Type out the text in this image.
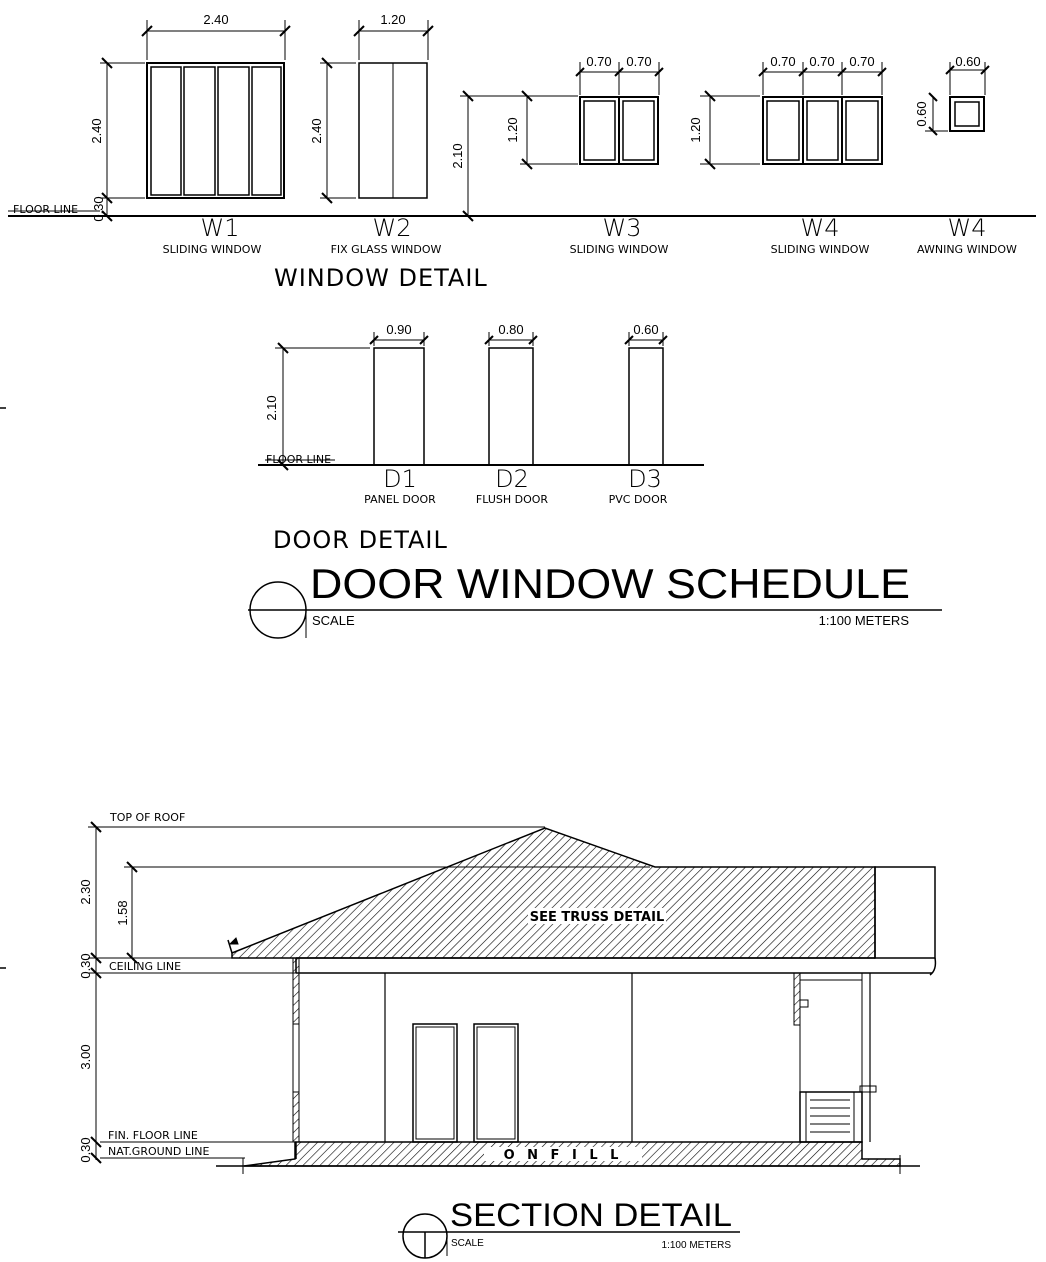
FLOOR LINE 0.30
2.40
2.40
W1
SLIDING WINDOW
1.20
2.40
W2
FIX GLASS WINDOW
2.10
0.70 0.70
1.20
W3
SLIDING WINDOW
0.70 0.70 0.70
1.20
W4
SLIDING WINDOW
0.60
0.60
W4
AWNING WINDOW
WINDOW DETAIL
FLOOR LINE
2.10
0.90	0.80	0.60
D1	D2	D3
PANEL DOOR	FLUSH DOOR	PVC DOOR
DOOR DETAIL
DOOR WINDOW SCHEDULE
SCALE	1:100 METERS
TOP OF ROOF
CEILING LINE
FIN. FLOOR LINE
NAT.GROUND LINE
2.30
1.58
0.30
3.00
0.30
SEE TRUSS DETAIL
O N F I L L
SECTION DETAIL
SCALE	1:100 METERS
